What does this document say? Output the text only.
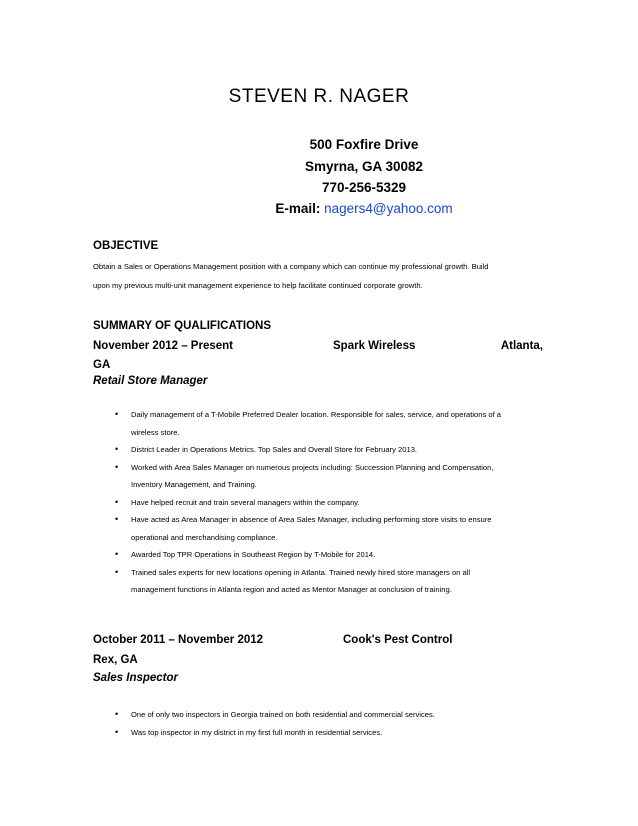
STEVEN R. NAGER
500 Foxfire Drive
Smyrna, GA 30082
770-256-5329
E-mail: nagers4@yahoo.com
OBJECTIVE
Obtain a Sales or Operations Management position with a company which can continue my professional growth. Build
upon my previous multi-unit management experience to help facilitate continued corporate growth.
SUMMARY OF QUALIFICATIONS
November 2012 – Present	Spark Wireless	Atlanta,
GA
Retail Store Manager
• Daily management of a T-Mobile Preferred Dealer location. Responsible for sales, service, and operations of a
wireless store.
• District Leader in Operations Metrics. Top Sales and Overall Store for February 2013.
• Worked with Area Sales Manager on numerous projects including: Succession Planning and Compensation,
Inventory Management, and Training.
• Have helped recruit and train several managers within the company.
• Have acted as Area Manager in absence of Area Sales Manager, including performing store visits to ensure
operational and merchandising compliance.
• Awarded Top TPR Operations in Southeast Region by T-Mobile for 2014.
• Trained sales experts for new locations opening in Atlanta. Trained newly hired store managers on all
management functions in Atlanta region and acted as Mentor Manager at conclusion of training.
October 2011 – November 2012	Cook's Pest Control
Rex, GA
Sales Inspector
• One of only two inspectors in Georgia trained on both residential and commercial services.
• Was top inspector in my district in my first full month in residential services.
